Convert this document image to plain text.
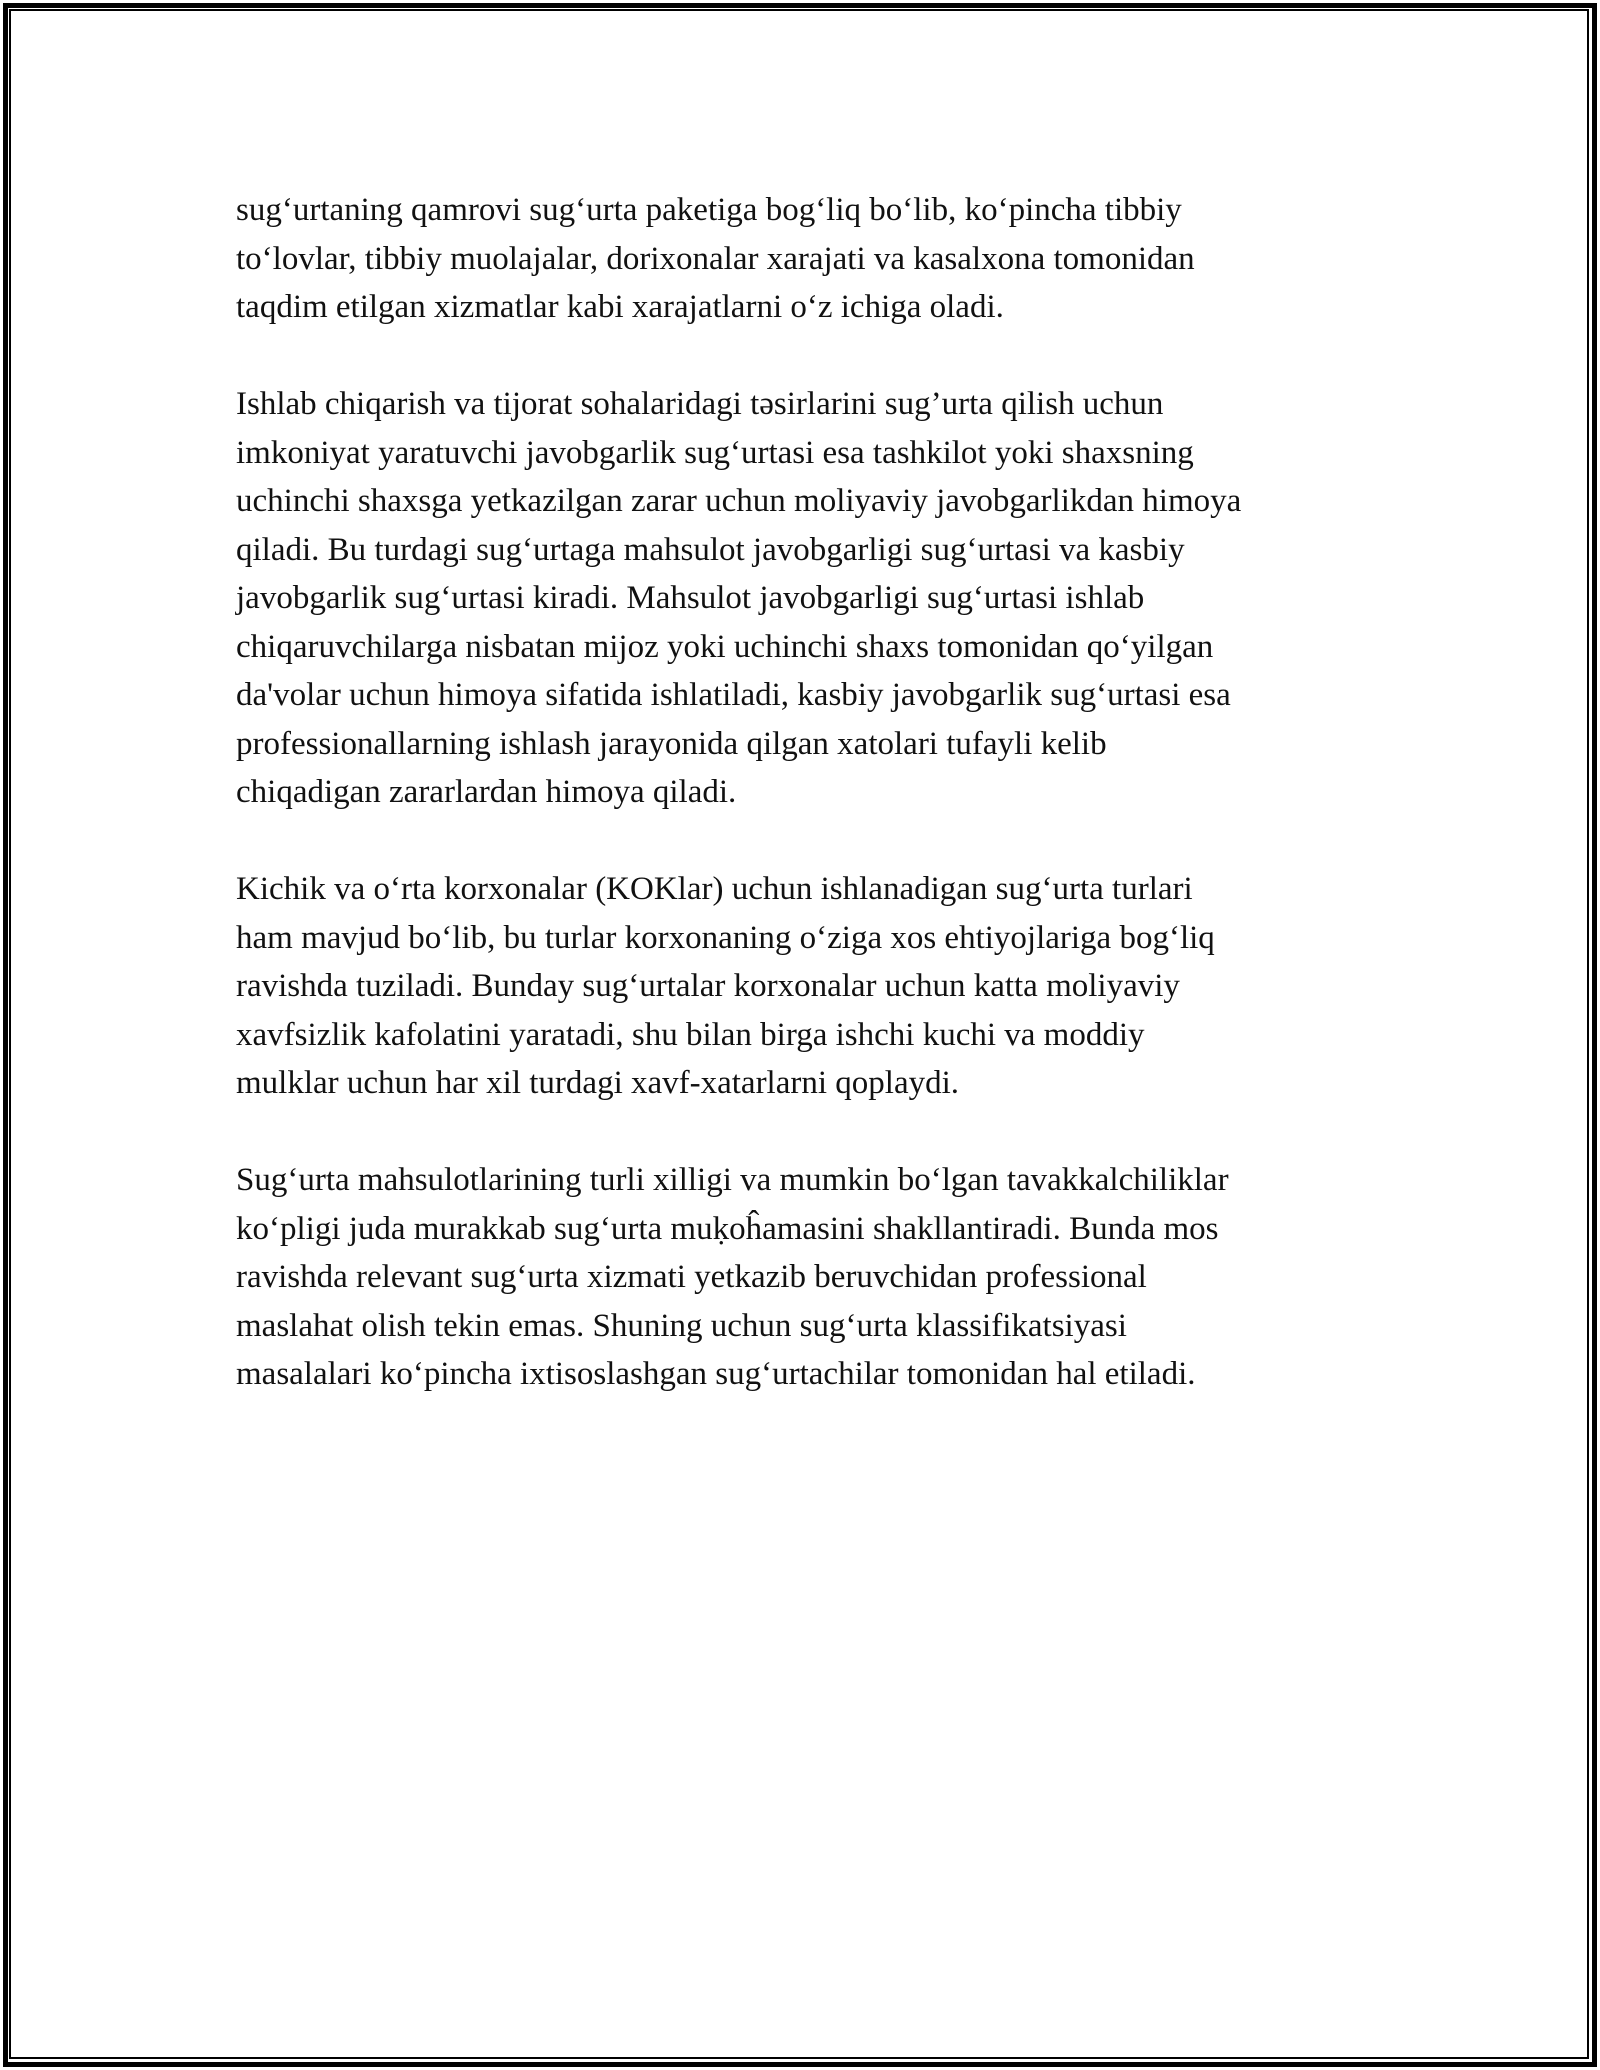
sug‘urtaning qamrovi sug‘urta paketiga bog‘liq bo‘lib, ko‘pincha tibbiy
to‘lovlar, tibbiy muolajalar, dorixonalar xarajati va kasalxona tomonidan
taqdim etilgan xizmatlar kabi xarajatlarni o‘z ichiga oladi.

Ishlab chiqarish va tijorat sohalaridagi təsirlarini sug’urta qilish uchun
imkoniyat yaratuvchi javobgarlik sug‘urtasi esa tashkilot yoki shaxsning
uchinchi shaxsga yetkazilgan zarar uchun moliyaviy javobgarlikdan himoya
qiladi. Bu turdagi sug‘urtaga mahsulot javobgarligi sug‘urtasi va kasbiy
javobgarlik sug‘urtasi kiradi. Mahsulot javobgarligi sug‘urtasi ishlab
chiqaruvchilarga nisbatan mijoz yoki uchinchi shaxs tomonidan qo‘yilgan
da'volar uchun himoya sifatida ishlatiladi, kasbiy javobgarlik sug‘urtasi esa
professionallarning ishlash jarayonida qilgan xatolari tufayli kelib
chiqadigan zararlardan himoya qiladi.

Kichik va o‘rta korxonalar (KOKlar) uchun ishlanadigan sug‘urta turlari
ham mavjud bo‘lib, bu turlar korxonaning o‘ziga xos ehtiyojlariga bog‘liq
ravishda tuziladi. Bunday sug‘urtalar korxonalar uchun katta moliyaviy
xavfsizlik kafolatini yaratadi, shu bilan birga ishchi kuchi va moddiy
mulklar uchun har xil turdagi xavf-xatarlarni qoplaydi.

Sug‘urta mahsulotlarining turli xilligi va mumkin bo‘lgan tavakkalchiliklar
ko‘pligi juda murakkab sug‘urta muḳoĥamasini shakllantiradi. Bunda mos
ravishda relevant sug‘urta xizmati yetkazib beruvchidan professional
maslahat olish tekin emas. Shuning uchun sug‘urta klassifikatsiyasi
masalalari ko‘pincha ixtisoslashgan sug‘urtachilar tomonidan hal etiladi.
